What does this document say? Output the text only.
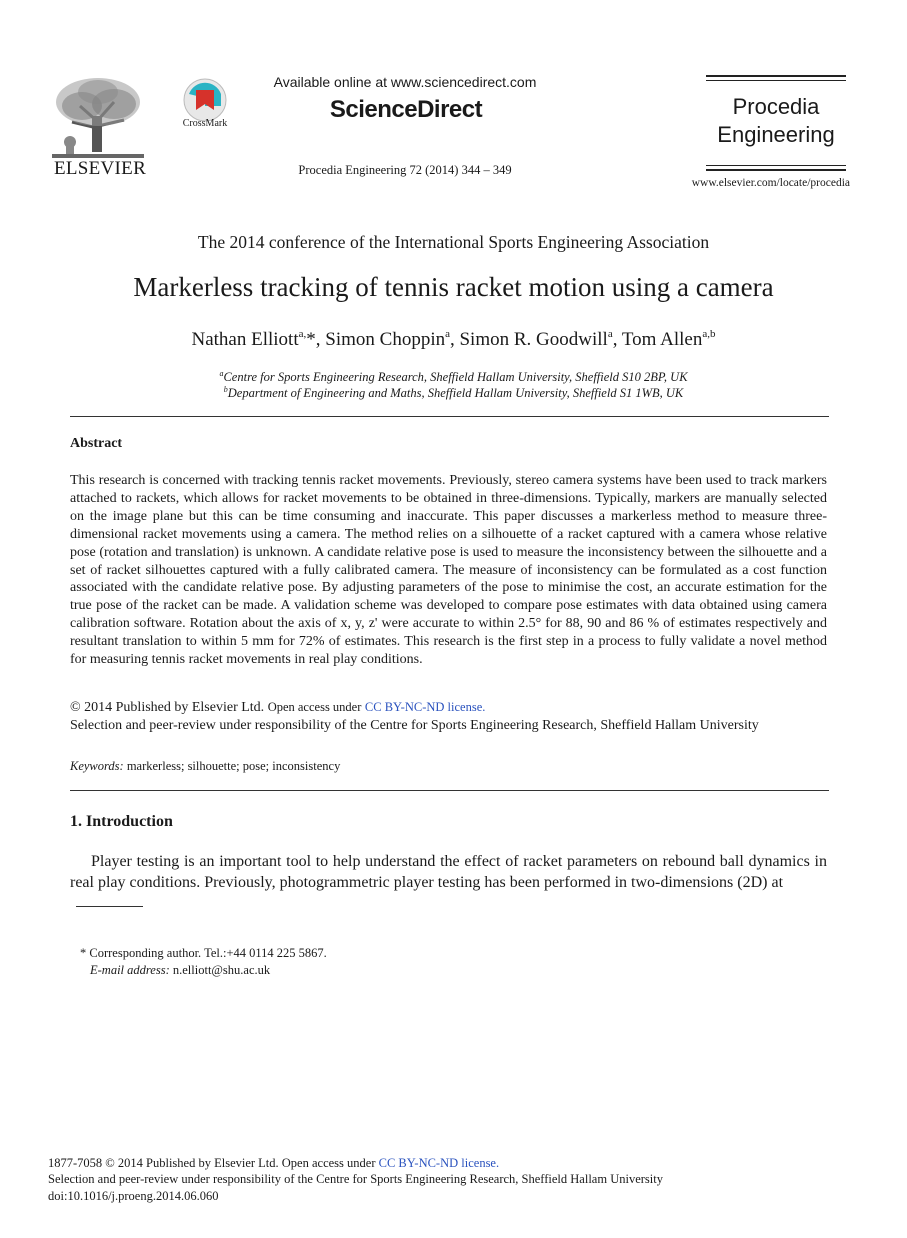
ELSEVIER
CrossMark
Available online at www.sciencedirect.com
ScienceDirect
Procedia Engineering 72 (2014) 344 – 349
Procedia
Engineering
www.elsevier.com/locate/procedia
The 2014 conference of the International Sports Engineering Association
Markerless tracking of tennis racket motion using a camera
Nathan Elliott$^{a,}$*, Simon Choppin$^a$, Simon R. Goodwill$^a$, Tom Allen$^{a,b}$
$^a$Centre for Sports Engineering Research, Sheffield Hallam University, Sheffield S10 2BP, UK
$^b$Department of Engineering and Maths, Sheffield Hallam University, Sheffield S1 1WB, UK
Abstract
This research is concerned with tracking tennis racket movements. Previously, stereo camera systems have been used to track markers attached to rackets, which allows for racket movements to be obtained in three-dimensions. Typically, markers are manually selected on the image plane but this can be time consuming and inaccurate. This paper discusses a markerless method to measure three-dimensional racket movements using a camera. The method relies on a silhouette of a racket captured with a camera whose relative pose (rotation and translation) is unknown. A candidate relative pose is used to measure the inconsistency between the silhouette and a set of racket silhouettes captured with a fully calibrated camera. The measure of inconsistency can be formulated as a cost function associated with the candidate relative pose. By adjusting parameters of the pose to minimise the cost, an accurate estimation for the true pose of the racket can be made. A validation scheme was developed to compare pose estimates with data obtained using camera calibration software. Rotation about the axis of x, y, z' were accurate to within 2.5° for 88, 90 and 86 % of estimates respectively and resultant translation to within 5 mm for 72% of estimates. This research is the first step in a process to fully validate a novel method for measuring tennis racket movements in real play conditions.
© 2014 Published by Elsevier Ltd. Open access under CC BY-NC-ND license.
Selection and peer-review under responsibility of the Centre for Sports Engineering Research, Sheffield Hallam University
Keywords: markerless; silhouette; pose; inconsistency
1. Introduction
Player testing is an important tool to help understand the effect of racket parameters on rebound ball dynamics in real play conditions. Previously, photogrammetric player testing has been performed in two-dimensions (2D) at
* Corresponding author. Tel.:+44 0114 225 5867.
E-mail address: n.elliott@shu.ac.uk
1877-7058 © 2014 Published by Elsevier Ltd. Open access under CC BY-NC-ND license.
Selection and peer-review under responsibility of the Centre for Sports Engineering Research, Sheffield Hallam University
doi:10.1016/j.proeng.2014.06.060
